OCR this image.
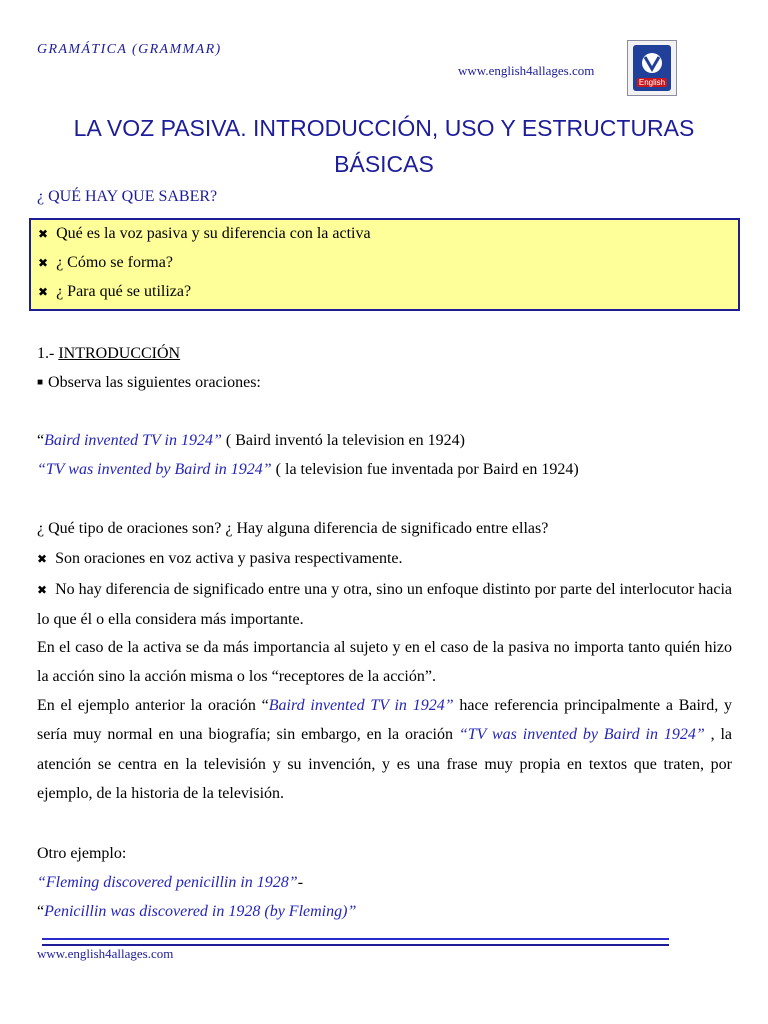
GRAMÁTICA (GRAMMAR)
www.english4allages.com
English
LA VOZ PASIVA. INTRODUCCIÓN, USO Y ESTRUCTURAS BÁSICAS
¿ QUÉ HAY QUE SABER?
✖ Qué es la voz pasiva y su diferencia con la activa
✖ ¿ Cómo se forma?
✖ ¿ Para qué se utiliza?
1.- INTRODUCCIÓN
■ Observa las siguientes oraciones:
“Baird invented TV in 1924” ( Baird inventó la television en 1924)
“TV was invented by Baird in 1924” ( la television fue inventada por Baird en 1924)
¿ Qué tipo de oraciones son? ¿ Hay alguna diferencia de significado entre ellas?
✖ Son oraciones en voz activa y pasiva respectivamente.
✖ No hay diferencia de significado entre una y otra, sino un enfoque distinto por parte del interlocutor hacia lo que él o ella considera más importante.
En el caso de la activa se da más importancia al sujeto y en el caso de la pasiva no importa tanto quién hizo la acción sino la acción misma o los “receptores de la acción”.
En el ejemplo anterior la oración “Baird invented TV in 1924” hace referencia principalmente a Baird, y sería muy normal en una biografía; sin embargo, en la oración “TV was invented by Baird in 1924” , la atención se centra en la televisión y su invención, y es una frase muy propia en textos que traten, por ejemplo, de la historia de la televisión.
Otro ejemplo:
“Fleming discovered penicillin in 1928”-
“Penicillin was discovered in 1928 (by Fleming)”
www.english4allages.com
